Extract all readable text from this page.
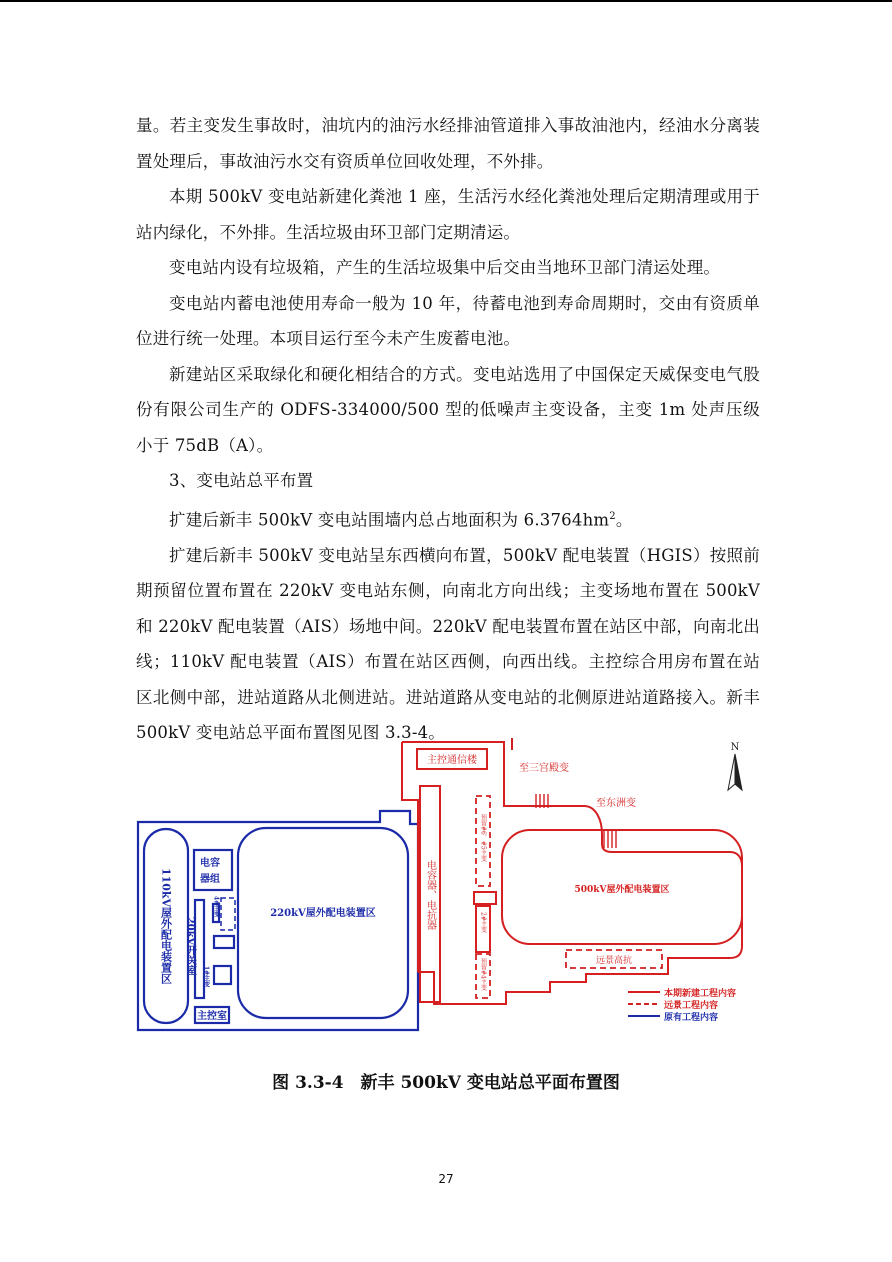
量。若主变发生事故时，油坑内的油污水经排油管道排入事故油池内，经油水分离装置处理后，事故油污水交有资质单位回收处理，不外排。

本期 500kV 变电站新建化粪池 1 座，生活污水经化粪池处理后定期清理或用于站内绿化，不外排。生活垃圾由环卫部门定期清运。

变电站内设有垃圾箱，产生的生活垃圾集中后交由当地环卫部门清运处理。

变电站内蓄电池使用寿命一般为 10 年，待蓄电池到寿命周期时，交由有资质单位进行统一处理。本项目运行至今未产生废蓄电池。

新建站区采取绿化和硬化相结合的方式。变电站选用了中国保定天威保变电气股份有限公司生产的 ODFS-334000/500 型的低噪声主变设备，主变 1m 处声压级小于 75dB（A）。

3、变电站总平布置

扩建后新丰 500kV 变电站围墙内总占地面积为 $6.3764hm^2$。

扩建后新丰 500kV 变电站呈东西横向布置，500kV 配电装置（HGIS）按照前期预留位置布置在 220kV 变电站东侧，向南北方向出线；主变场地布置在 500kV 和 220kV 配电装置（AIS）场地中间。220kV 配电装置布置在站区中部，向南北出线；110kV 配电装置（AIS）布置在站区西侧，向西出线。主控综合用房布置在站区北侧中部，进站道路从北侧进站。进站道路从变电站的北侧原进站道路接入。新丰 500kV 变电站总平面布置图见图 3.3-4。

N
110kV屋外配电装置区	220kV屋外配电装置区
电容
器组
20kV开关室
主控室
4#主变
1#主变
主控通信楼
至三宫殿变
至东洲变
电容器、电抗器	500kV屋外配电装置区
远景高抗
预留#6、#5主变
2#主变
预留#4主变
本期新建工程内容
远景工程内容
原有工程内容
图 3.3-4　新丰 500kV 变电站总平面布置图
27
